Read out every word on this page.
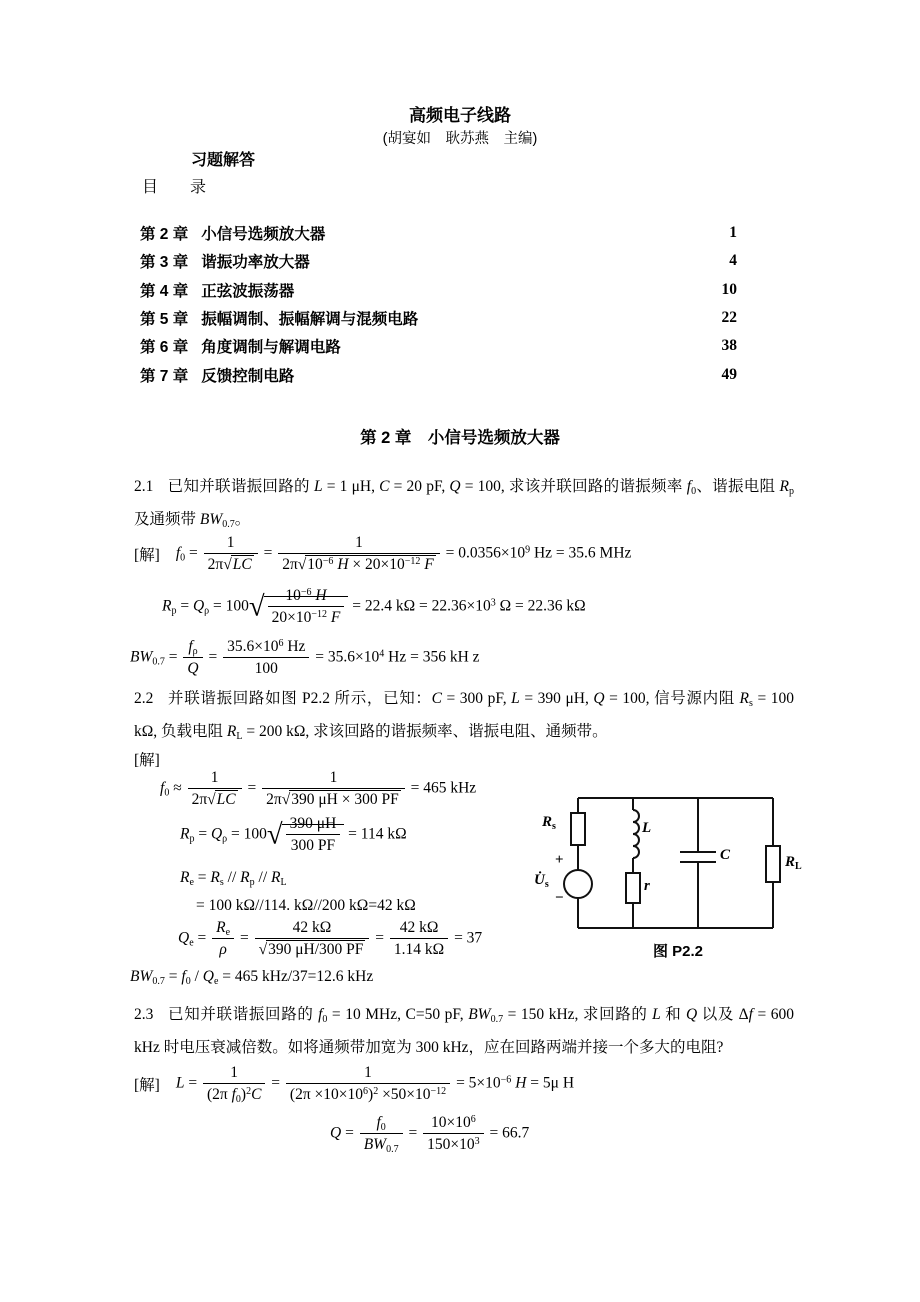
高频电子线路
(胡宴如　耿苏燕　主编)
习题解答
目　　录
第 2 章 小信号选频放大器	1
第 3 章 谐振功率放大器	4
第 4 章 正弦波振荡器	10
第 5 章 振幅调制、振幅解调与混频电路	22
第 6 章 角度调制与解调电路	38
第 7 章 反馈控制电路	49
第 2 章　小信号选频放大器
2.1 已知并联谐振回路的 L = 1 μH, C = 20 pF, Q = 100, 求该并联回路的谐振频率 $f_0$、谐振电阻 $R_p$ 及通频带 $BW_{0.7}$。
[解] $f_0 = \frac{1}{2\pi√ LC} = \frac{1}{2\pi√ 10^{-6} H \times 20\times 10^{-12} F} = 0.0356\times 10^9$ Hz = 35.6 MHz
$R_p = Q_\rho = 100√ \frac{10^{-6} H}{20\times 10^{-12} F} = 22.4$ $k\Omega = 22.36\times 10^3$ Ω = 22.36 kΩ
$BW_{0.7} = \frac{f_\rho}{Q} = \frac{35.6\times 10^6 Hz}{100} = 35.6\times 10^4$ Hz = 356 kH z
2.2 并联谐振回路如图 P2.2 所示，已知：C = 300 pF, L = 390 μH, Q = 100, 信号源内阻 $R_s = 100$ kΩ, 负载电阻 $R_L = 200$ kΩ, 求该回路的谐振频率、谐振电阻、通频带。
[解]
$f_0 \approx \frac{1}{2\pi√ LC} = \frac{1}{2\pi√ 390 \mu H \times 300 PF} = 465$ kHz
$R_p = Q_\rho = 100√ \frac{390 \mu H}{300 PF} = 114$ kΩ
$R_e = R_s // R_p // R_L$
= 100 kΩ//114. kΩ//200 kΩ=42 kΩ
$Q_e = \frac{R_e}{\rho} = \frac{42 k\Omega}{√ 390 \mu H/300 PF} = \frac{42 k\Omega}{1.14 k\Omega} = 37$
$BW_{0.7} = f_0 / Q_e = 465$ kHz/37=12.6 kHz
$R_s$
+
$U̇_s$
−
L
r
C	$R_L$
图 P2.2
2.3 已知并联谐振回路的 $f_0 = 10$ MHz, C=50 pF, $BW_{0.7} = 150$ kHz, 求回路的 L 和 Q 以及 Δf = 600 kHz 时电压衰减倍数。如将通频带加宽为 300 kHz，应在回路两端并接一个多大的电阻?
[解] $L = \frac{1}{(2\pi f_0)^2C} = \frac{1}{(2\pi \times 10\times 10^6)^2 \times 50\times 10^{-12}} = 5\times 10^{-6}$ H = 5μ H
$Q = \frac{f_0}{BW_{0.7}} = \frac{10\times 10^6}{150\times 10^3} = 66.7$
